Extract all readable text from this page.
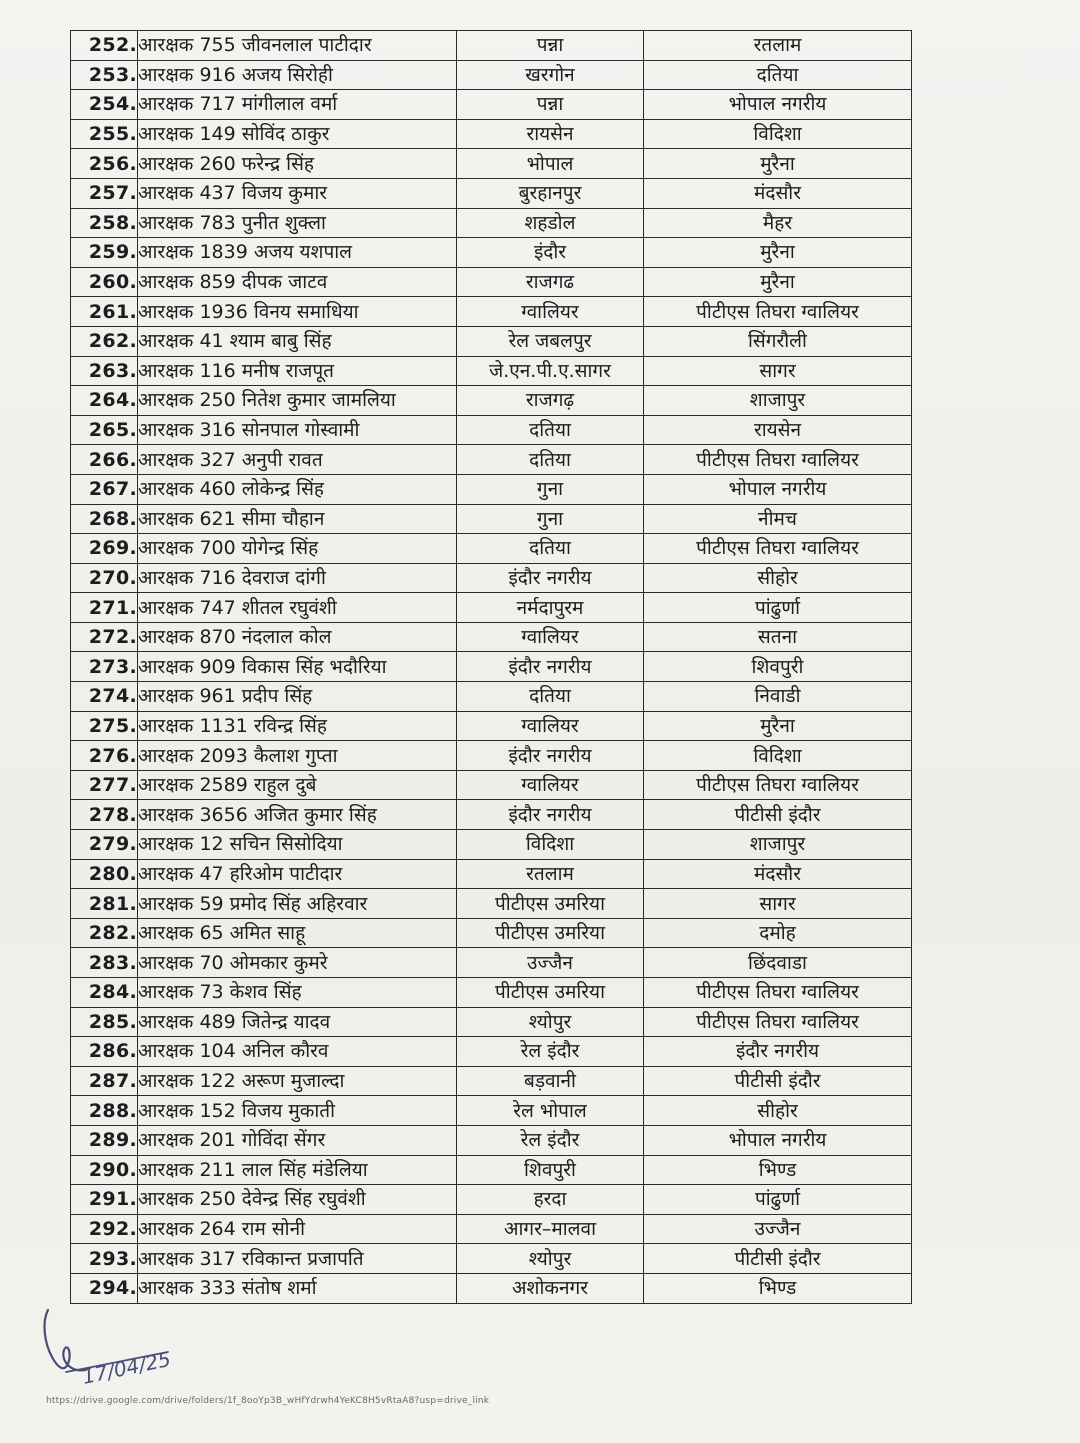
252.	आरक्षक 755 जीवनलाल पाटीदार	पन्ना	रतलाम
253.	आरक्षक 916 अजय सिरोही	खरगोन	दतिया
254.	आरक्षक 717 मांगीलाल वर्मा	पन्ना	भोपाल नगरीय
255.	आरक्षक 149 सोविंद ठाकुर	रायसेन	विदिशा
256.	आरक्षक 260 फरेन्द्र सिंह	भोपाल	मुरैना
257.	आरक्षक 437 विजय कुमार	बुरहानपुर	मंदसौर
258.	आरक्षक 783 पुनीत शुक्ला	शहडोल	मैहर
259.	आरक्षक 1839 अजय यशपाल	इंदौर	मुरैना
260.	आरक्षक 859 दीपक जाटव	राजगढ	मुरैना
261.	आरक्षक 1936 विनय समाधिया	ग्वालियर	पीटीएस तिघरा ग्वालियर
262.	आरक्षक 41 श्याम बाबु सिंह	रेल जबलपुर	सिंगरौली
263.	आरक्षक 116 मनीष राजपूत	जे.एन.पी.ए.सागर	सागर
264.	आरक्षक 250 नितेश कुमार जामलिया	राजगढ़	शाजापुर
265.	आरक्षक 316 सोनपाल गोस्वामी	दतिया	रायसेन
266.	आरक्षक 327 अनुपी रावत	दतिया	पीटीएस तिघरा ग्वालियर
267.	आरक्षक 460 लोकेन्द्र सिंह	गुना	भोपाल नगरीय
268.	आरक्षक 621 सीमा चौहान	गुना	नीमच
269.	आरक्षक 700 योगेन्द्र सिंह	दतिया	पीटीएस तिघरा ग्वालियर
270.	आरक्षक 716 देवराज दांगी	इंदौर नगरीय	सीहोर
271.	आरक्षक 747 शीतल रघुवंशी	नर्मदापुरम	पांढुर्णा
272.	आरक्षक 870 नंदलाल कोल	ग्वालियर	सतना
273.	आरक्षक 909 विकास सिंह भदौरिया	इंदौर नगरीय	शिवपुरी
274.	आरक्षक 961 प्रदीप सिंह	दतिया	निवाडी
275.	आरक्षक 1131 रविन्द्र सिंह	ग्वालियर	मुरैना
276.	आरक्षक 2093 कैलाश गुप्ता	इंदौर नगरीय	विदिशा
277.	आरक्षक 2589 राहुल दुबे	ग्वालियर	पीटीएस तिघरा ग्वालियर
278.	आरक्षक 3656 अजित कुमार सिंह	इंदौर नगरीय	पीटीसी इंदौर
279.	आरक्षक 12 सचिन सिसोदिया	विदिशा	शाजापुर
280.	आरक्षक 47 हरिओम पाटीदार	रतलाम	मंदसौर
281.	आरक्षक 59 प्रमोद सिंह अहिरवार	पीटीएस उमरिया	सागर
282.	आरक्षक 65 अमित साहू	पीटीएस उमरिया	दमोह
283.	आरक्षक 70 ओमकार कुमरे	उज्जैन	छिंदवाडा
284.	आरक्षक 73 केशव सिंह	पीटीएस उमरिया	पीटीएस तिघरा ग्वालियर
285.	आरक्षक 489 जितेन्द्र यादव	श्योपुर	पीटीएस तिघरा ग्वालियर
286.	आरक्षक 104 अनिल कौरव	रेल इंदौर	इंदौर नगरीय
287.	आरक्षक 122 अरूण मुजाल्दा	बड़वानी	पीटीसी इंदौर
288.	आरक्षक 152 विजय मुकाती	रेल भोपाल	सीहोर
289.	आरक्षक 201 गोविंदा सेंगर	रेल इंदौर	भोपाल नगरीय
290.	आरक्षक 211 लाल सिंह मंडेलिया	शिवपुरी	भिण्ड
291.	आरक्षक 250 देवेन्द्र सिंह रघुवंशी	हरदा	पांढुर्णा
292.	आरक्षक 264 राम सोनी	आगर–मालवा	उज्जैन
293.	आरक्षक 317 रविकान्त प्रजापति	श्योपुर	पीटीसी इंदौर
294.	आरक्षक 333 संतोष शर्मा	अशोकनगर	भिण्ड
17/04/25
https://drive.google.com/drive/folders/1f_8ooYp3B_wHfYdrwh4YeKC8H5vRtaA8?usp=drive_link
